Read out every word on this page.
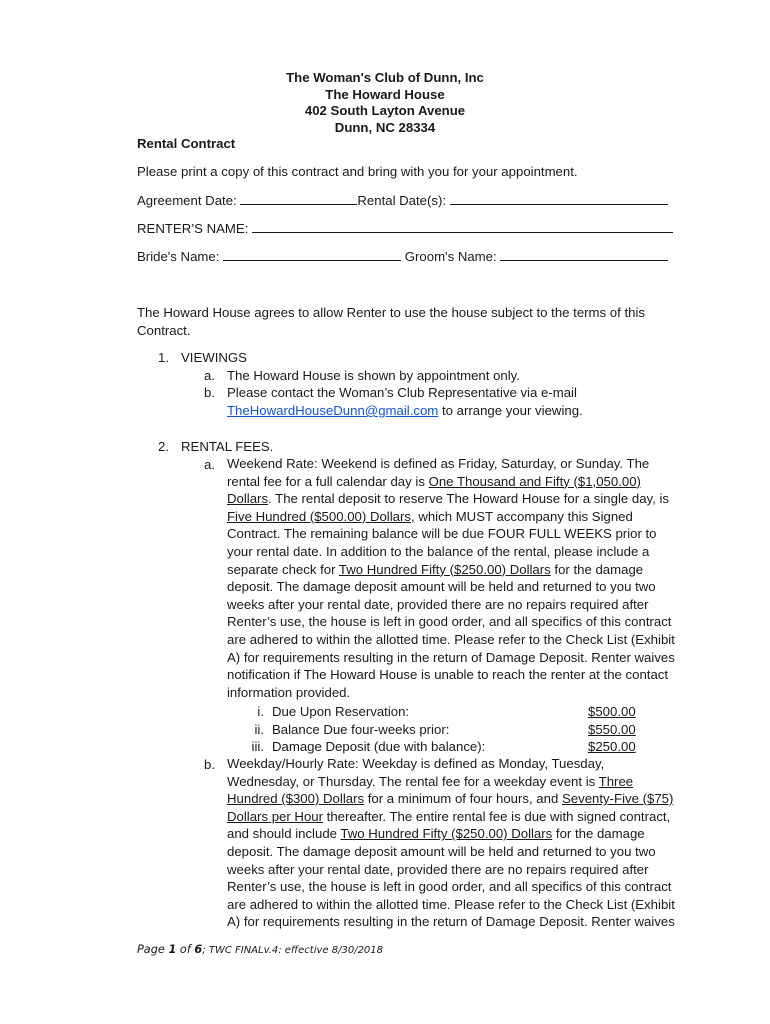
The Woman's Club of Dunn, Inc
The Howard House
402 South Layton Avenue
Dunn, NC 28334
Rental Contract
Please print a copy of this contract and bring with you for your appointment.
Agreement Date:	Rental Date(s):
RENTER’S NAME:
Bride's Name:	Groom's Name:
The Howard House agrees to allow Renter to use the house subject to the terms of this
Contract.
1. VIEWINGS
a. The Howard House is shown by appointment only.
b. Please contact the Woman’s Club Representative via e-mail
TheHowardHouseDunn@gmail.com to arrange your viewing.
2. RENTAL FEES.
a. Weekend Rate: Weekend is defined as Friday, Saturday, or Sunday. The
rental fee for a full calendar day is One Thousand and Fifty ($1,050.00)
Dollars. The rental deposit to reserve The Howard House for a single day, is
Five Hundred ($500.00) Dollars, which MUST accompany this Signed
Contract. The remaining balance will be due FOUR FULL WEEKS prior to
your rental date. In addition to the balance of the rental, please include a
separate check for Two Hundred Fifty ($250.00) Dollars for the damage
deposit. The damage deposit amount will be held and returned to you two
weeks after your rental date, provided there are no repairs required after
Renter’s use, the house is left in good order, and all specifics of this contract
are adhered to within the allotted time. Please refer to the Check List (Exhibit
A) for requirements resulting in the return of Damage Deposit. Renter waives
notification if The Howard House is unable to reach the renter at the contact
information provided.
i. Due Upon Reservation:	$500.00
ii. Balance Due four-weeks prior:	$550.00
iii. Damage Deposit (due with balance):	$250.00
b. Weekday/Hourly Rate: Weekday is defined as Monday, Tuesday,
Wednesday, or Thursday. The rental fee for a weekday event is Three
Hundred ($300) Dollars for a minimum of four hours, and Seventy-Five ($75)
Dollars per Hour thereafter. The entire rental fee is due with signed contract,
and should include Two Hundred Fifty ($250.00) Dollars for the damage
deposit. The damage deposit amount will be held and returned to you two
weeks after your rental date, provided there are no repairs required after
Renter’s use, the house is left in good order, and all specifics of this contract
are adhered to within the allotted time. Please refer to the Check List (Exhibit
A) for requirements resulting in the return of Damage Deposit. Renter waives
Page 1 of 6; TWC FINALv.4: effective 8/30/2018
